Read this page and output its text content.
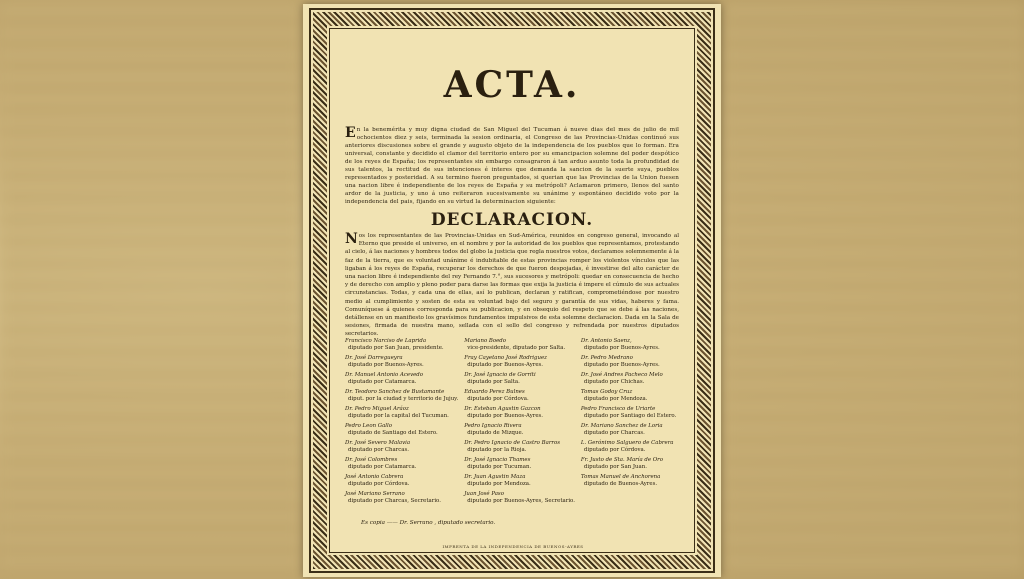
ACTA.
En la benemérita y muy digna ciudad de San Miguel del Tucuman á nueve dias del mes de julio de mil ochocientos diez y seis, terminada la sesion ordinaria, el Congreso de las Provincias-Unidas continuó sus anteriores discusiones sobre el grande y augusto objeto de la independencia de los pueblos que lo forman. Era universal, constante y decidido el clamor del territorio entero por su emancipacion solemne del poder despótico de los reyes de España; los representantes sin embargo consagraron á tan arduo asunto toda la profundidad de sus talentos, la rectitud de sus intenciones é interes que demanda la sancion de la suerte suya, pueblos representados y posteridad. A su termino fueron preguntados, si querian que las Provincias de la Union fuesen una nacion libre é independiente de los reyes de España y su metrópoli? Aclamaron primero, llenos del santo ardor de la justicia, y uno á uno reiteraron sucesivamente su unánime y espontáneo decidido voto por la independencia del pais, fijando en su virtud la determinacion siguiente:
DECLARACION.
Nos los representantes de las Provincias-Unidas en Sud-América, reunidos en congreso general, invocando al Eterno que preside el universo, en el nombre y por la autoridad de los pueblos que representamos, protestando al cielo, á las naciones y hombres todos del globo la justicia que regla nuestros votos, declaramos solemnemente á la faz de la tierra, que es voluntad unánime é indubitable de estas provincias romper los violentos vínculos que las ligaban á los reyes de España, recuperar los derechos de que fueron despojadas, é investirse del alto carácter de una nacion libre é independiente del rey Fernando 7.°, sus sucesores y metrópoli: quedar en consecuencia de hecho y de derecho con amplio y pleno poder para darse las formas que exija la justicia é impere el cúmulo de sus actuales circunstancias. Todas, y cada una de ellas, así lo publican, declaran y ratifican, comprometiéndose por nuestro medio al cumplimiento y sosten de esta su voluntad bajo del seguro y garantía de sus vidas, haberes y fama. Comuníquese á quienes corresponda para su publicacion, y en obsequio del respeto que se debe á las naciones, detállense en un manifiesto los gravísimos fundamentos impulsivos de esta solemne declaracion. Dada en la Sala de sesiones, firmada de nuestra mano, sellada con el sello del congreso y refrendada por nuestros diputados secretarios.
Francisco Narciso de Laprida
diputado por San Juan, presidente.
Mariano Boedo
vice-presidente, diputado por Salta.
Dr. Antonio Saenz,
diputado por Buenos-Ayres.
Dr. José Darregueyra
diputado por Buenos-Ayres.
Fray Cayetano José Rodriguez
diputado por Buenos-Ayres.
Dr. Pedro Medrano
diputado por Buenos-Ayres.
Dr. Manuel Antonio Acevedo
diputado por Catamarca.
Dr. José Ignacio de Gorriti
diputado por Salta.
Dr. José Andres Pacheco Melo
diputado por Chichas.
Dr. Teodoro Sanchez de Bustamante
diput. por la ciudad y territorio de Jujuy.
Eduardo Perez Bulnes
diputado por Córdova.
Tomas Godoy Cruz
diputado por Mendoza.
Dr. Pedro Miguel Aráoz
diputado por la capital del Tucuman.
Dr. Esteban Agustin Gazcon
diputado por Buenos-Ayres.
Pedro Francisco de Uriarte
diputado por Santiago del Estero.
Pedro Leon Gallo
diputado de Santiago del Estero.
Pedro Ignacio Rivera
diputado de Mizque.
Dr. Mariano Sanchez de Loria
diputado por Charcas.
Dr. José Severo Malavia
diputado por Charcas.
Dr. Pedro Ignacio de Castro Barros
diputado por la Rioja.
L. Gerónimo Salguero de Cabrera
diputado por Córdova.
Dr. José Colombres
diputado por Catamarca.
Dr. José Ignacio Thames
diputado por Tucuman.
Fr. Justo de Sta. María de Oro
diputado por San Juan.
José Antonio Cabrera
diputado por Córdova.
Dr. Juan Agustin Maza
diputado por Mendoza.
Tomas Manuel de Anchorena
diputado de Buenos-Ayres.
José Mariano Serrano
diputado por Charcas, Secretario.
Juan José Paso
diputado por Buenos-Ayres, Secretario.
Es copia —— Dr. Serrano , diputado secretario.
IMPRENTA DE LA INDEPENDENCIA DE BUENOS-AYRES
